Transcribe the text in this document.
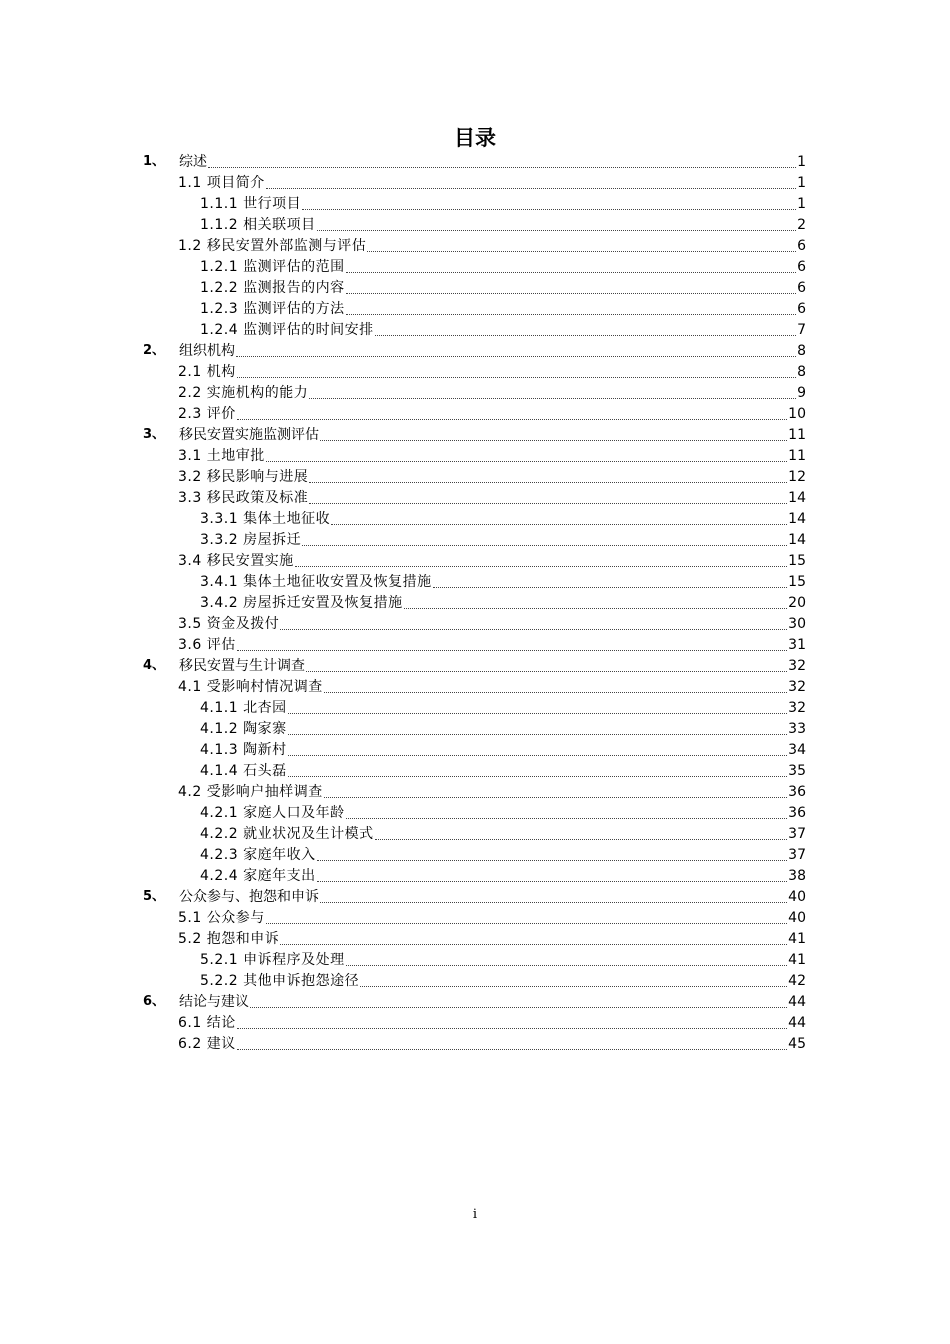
目录
1、 综述	1
1.1 项目简介	1
1.1.1 世行项目	1
1.1.2 相关联项目	2
1.2 移民安置外部监测与评估	6
1.2.1 监测评估的范围	6
1.2.2 监测报告的内容	6
1.2.3 监测评估的方法	6
1.2.4 监测评估的时间安排	7
2、 组织机构	8
2.1 机构	8
2.2 实施机构的能力	9
2.3 评价	10
3、 移民安置实施监测评估	11
3.1 土地审批	11
3.2 移民影响与进展	12
3.3 移民政策及标准	14
3.3.1 集体土地征收	14
3.3.2 房屋拆迁	14
3.4 移民安置实施	15
3.4.1 集体土地征收安置及恢复措施	15
3.4.2 房屋拆迁安置及恢复措施	20
3.5 资金及拨付	30
3.6 评估	31
4、 移民安置与生计调查	32
4.1 受影响村情况调查	32
4.1.1 北杏园	32
4.1.2 陶家寨	33
4.1.3 陶新村	34
4.1.4 石头磊	35
4.2 受影响户抽样调查	36
4.2.1 家庭人口及年龄	36
4.2.2 就业状况及生计模式	37
4.2.3 家庭年收入	37
4.2.4 家庭年支出	38
5、 公众参与、抱怨和申诉	40
5.1 公众参与	40
5.2 抱怨和申诉	41
5.2.1 申诉程序及处理	41
5.2.2 其他申诉抱怨途径	42
6、 结论与建议	44
6.1 结论	44
6.2 建议	45
i
